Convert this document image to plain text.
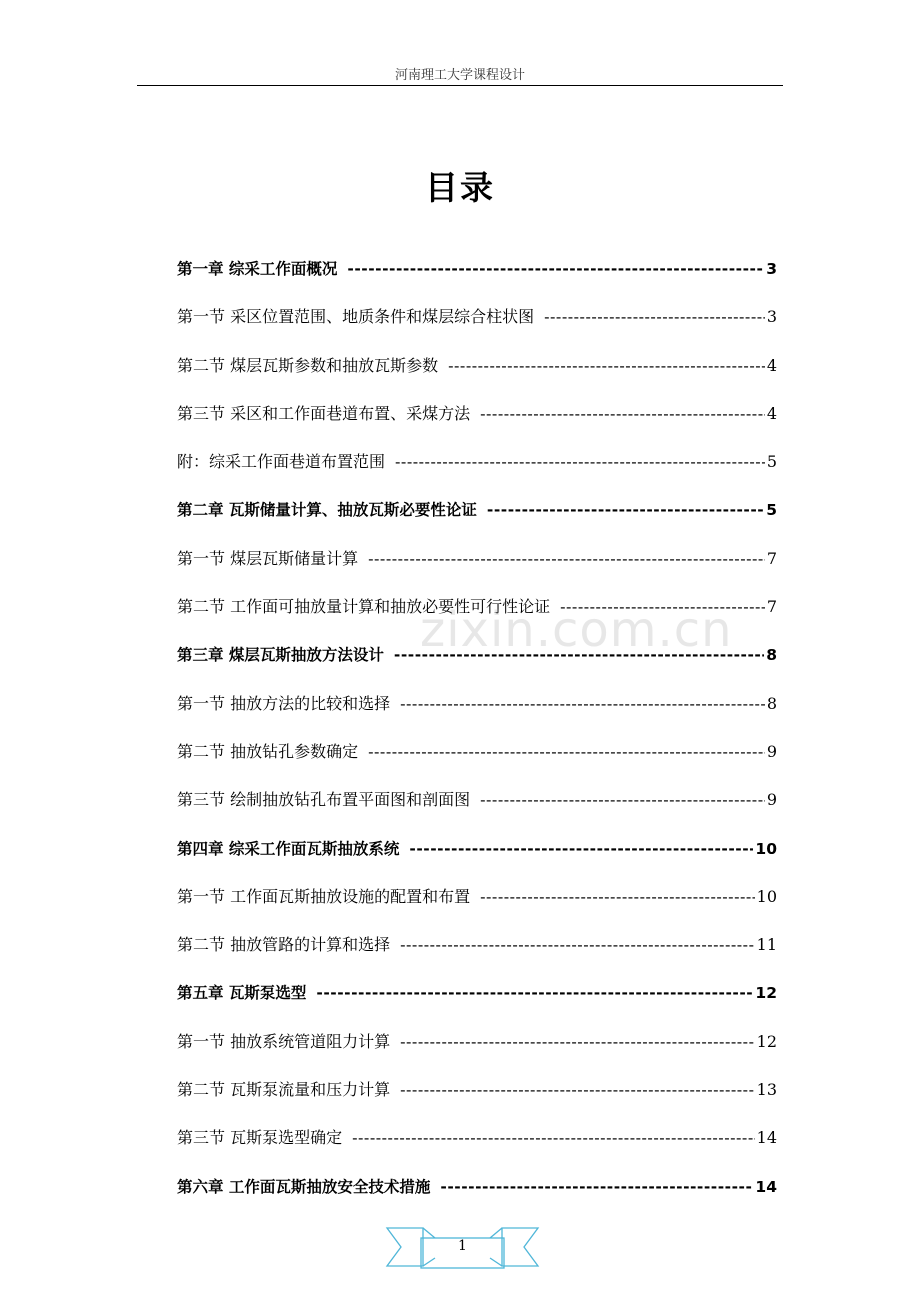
河南理工大学课程设计
目录
第一章 综采工作面概况 -----	3
第一节 采区位置范围、地质条件和煤层综合柱状图 -----	3
第二节 煤层瓦斯参数和抽放瓦斯参数 -----	4
第三节 采区和工作面巷道布置、采煤方法 -----	4
附：综采工作面巷道布置范围 -----	5
第二章 瓦斯储量计算、抽放瓦斯必要性论证 -----	5
第一节 煤层瓦斯储量计算 -----	7
第二节 工作面可抽放量计算和抽放必要性可行性论证 -----	7
第三章 煤层瓦斯抽放方法设计 -----	8
第一节 抽放方法的比较和选择 -----	8
第二节 抽放钻孔参数确定 -----	9
第三节 绘制抽放钻孔布置平面图和剖面图 -----	9
第四章 综采工作面瓦斯抽放系统 -----	10
第一节 工作面瓦斯抽放设施的配置和布置 -----	10
第二节 抽放管路的计算和选择 -----	11
第五章 瓦斯泵选型 -----	12
第一节 抽放系统管道阻力计算 -----	12
第二节 瓦斯泵流量和压力计算 -----	13
第三节 瓦斯泵选型确定 -----	14
第六章 工作面瓦斯抽放安全技术措施 -----	14
zixin.com.cn
1
